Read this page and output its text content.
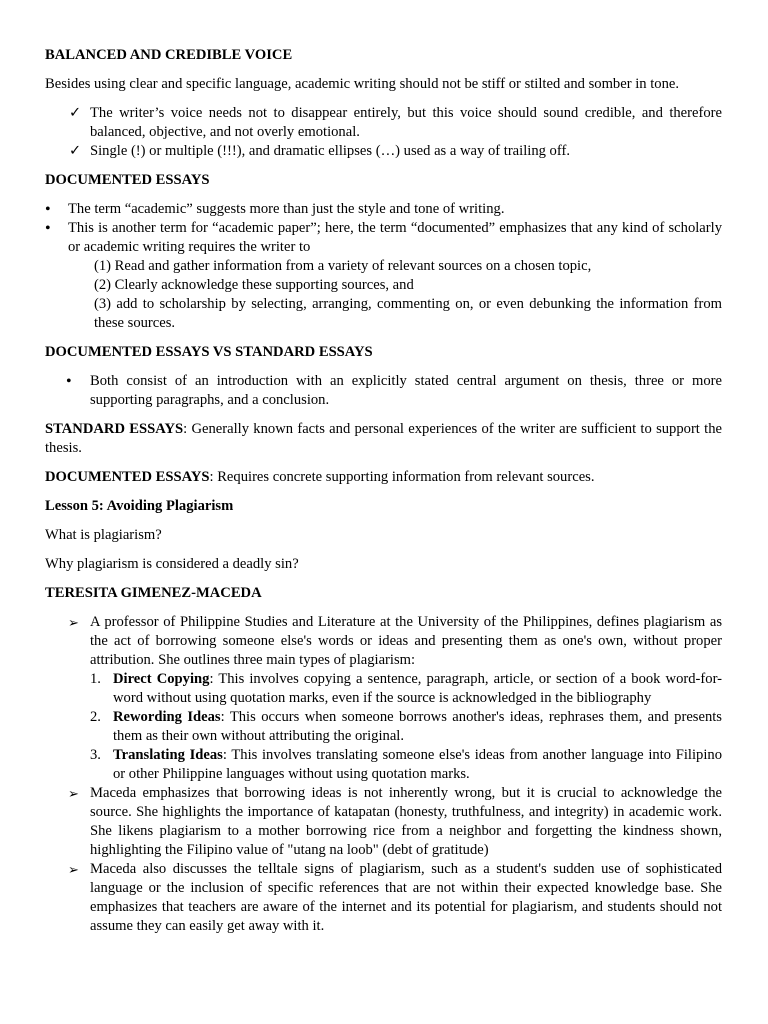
BALANCED AND CREDIBLE VOICE

Besides using clear and specific language, academic writing should not be stiff or stilted and somber in tone.

✓ The writer’s voice needs not to disappear entirely, but this voice should sound credible, and therefore balanced, objective, and not overly emotional.
✓ Single (!) or multiple (!!!), and dramatic ellipses (…) used as a way of trailing off.

DOCUMENTED ESSAYS

• The term “academic” suggests more than just the style and tone of writing.
• This is another term for “academic paper”; here, the term “documented” emphasizes that any kind of scholarly or academic writing requires the writer to
(1) Read and gather information from a variety of relevant sources on a chosen topic,
(2) Clearly acknowledge these supporting sources, and
(3) add to scholarship by selecting, arranging, commenting on, or even debunking the information from these sources.

DOCUMENTED ESSAYS VS STANDARD ESSAYS

• Both consist of an introduction with an explicitly stated central argument on thesis, three or more supporting paragraphs, and a conclusion.

STANDARD ESSAYS: Generally known facts and personal experiences of the writer are sufficient to support the thesis.

DOCUMENTED ESSAYS: Requires concrete supporting information from relevant sources.

Lesson 5: Avoiding Plagiarism

What is plagiarism?

Why plagiarism is considered a deadly sin?

TERESITA GIMENEZ-MACEDA

➢ A professor of Philippine Studies and Literature at the University of the Philippines, defines plagiarism as the act of borrowing someone else's words or ideas and presenting them as one's own, without proper attribution. She outlines three main types of plagiarism:
1. Direct Copying: This involves copying a sentence, paragraph, article, or section of a book word-for-word without using quotation marks, even if the source is acknowledged in the bibliography
2. Rewording Ideas: This occurs when someone borrows another's ideas, rephrases them, and presents them as their own without attributing the original.
3. Translating Ideas: This involves translating someone else's ideas from another language into Filipino or other Philippine languages without using quotation marks.
➢ Maceda emphasizes that borrowing ideas is not inherently wrong, but it is crucial to acknowledge the source. She highlights the importance of katapatan (honesty, truthfulness, and integrity) in academic work. She likens plagiarism to a mother borrowing rice from a neighbor and forgetting the kindness shown, highlighting the Filipino value of "utang na loob" (debt of gratitude)
➢ Maceda also discusses the telltale signs of plagiarism, such as a student's sudden use of sophisticated language or the inclusion of specific references that are not within their expected knowledge base. She emphasizes that teachers are aware of the internet and its potential for plagiarism, and students should not assume they can easily get away with it.
